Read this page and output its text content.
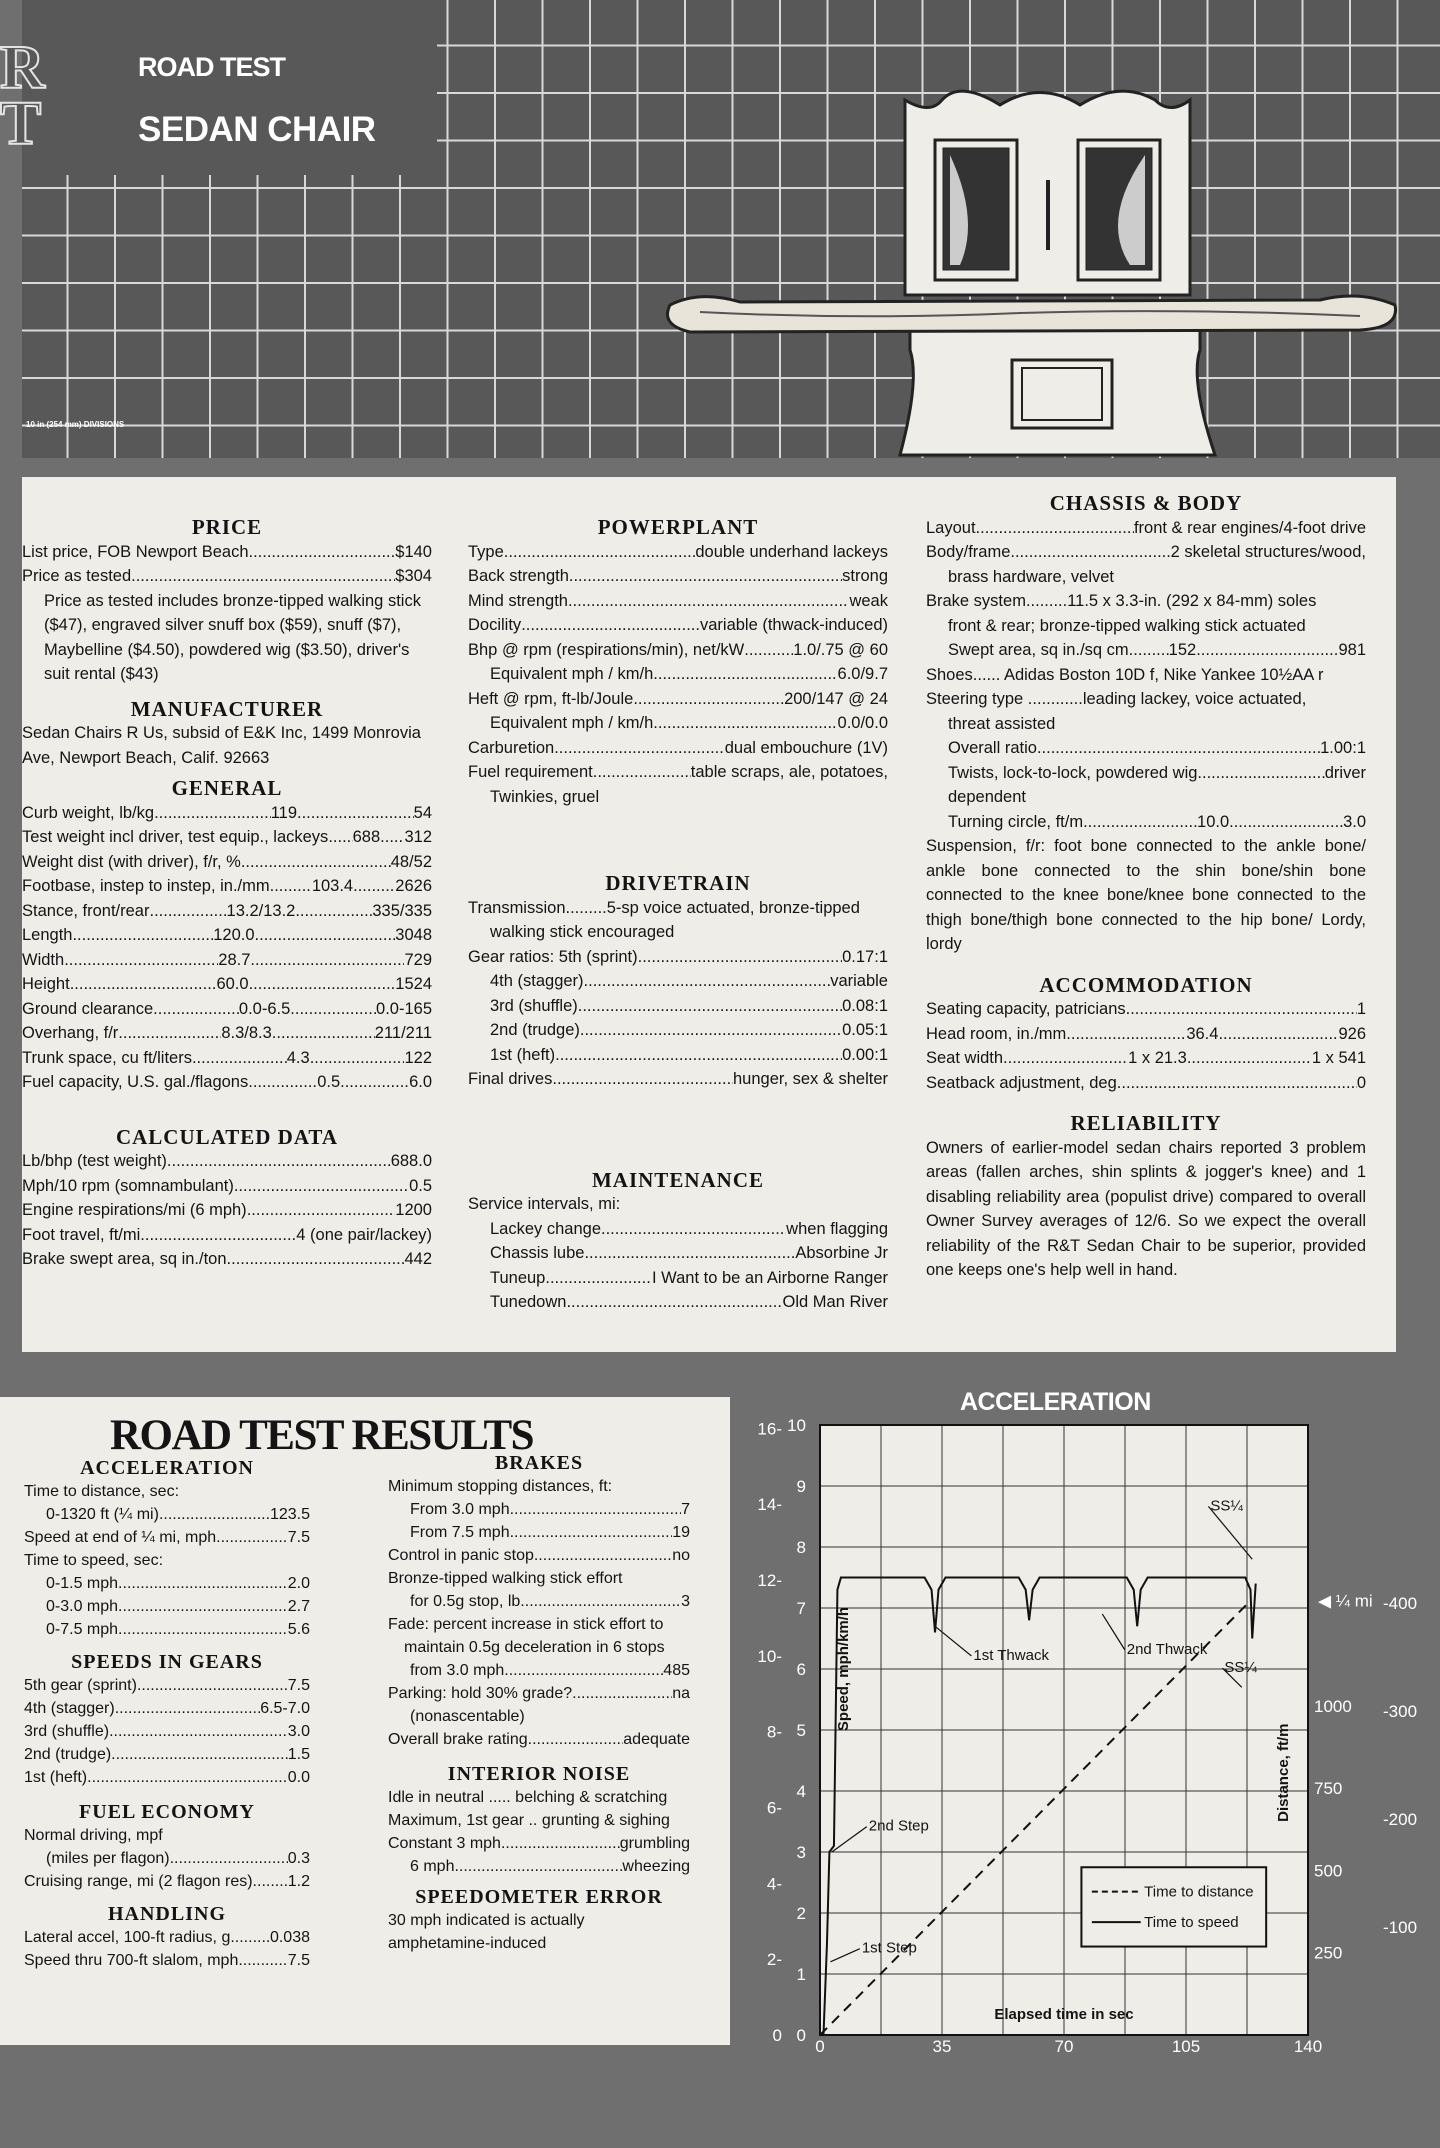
R
T
ROAD TEST
SEDAN CHAIR
10 in (254 mm) DIVISIONS

PRICE

List price, FOB Newport Beach .....	$140
Price as tested .....	$304
Price as tested includes bronze-tipped walking stick ($47), engraved silver snuff box ($59), snuff ($7), Maybelline ($4.50), powdered wig ($3.50), driver's suit rental ($43)

MANUFACTURER

Sedan Chairs R Us, subsid of E&K Inc, 1499 Monrovia Ave, Newport Beach, Calif. 92663

GENERAL

Curb weight, lb/kg .....	119 .....	54
Test weight incl driver, test equip., lackeys ..... 688 ..... 312
Weight dist (with driver), f/r, % .....	48/52
Footbase, instep to instep, in./mm .....	103.4 .....	2626
Stance, front/rear .....	13.2/13.2 .....	335/335
Length .....	120.0 .....	3048
Width .....	28.7 .....	729
Height .....	60.0 .....	1524
Ground clearance .....	0.0-6.5 .....	0.0-165
Overhang, f/r .....	8.3/8.3 .....	211/211
Trunk space, cu ft/liters .....	4.3 .....	122
Fuel capacity, U.S. gal./flagons .....	0.5 .....	6.0

CALCULATED DATA

Lb/bhp (test weight) .....	688.0
Mph/10 rpm (somnambulant) .....	0.5
Engine respirations/mi (6 mph) .....	1200
Foot travel, ft/mi .....	4 (one pair/lackey)
Brake swept area, sq in./ton .....	442

POWERPLANT

Type .....	double underhand lackeys
Back strength .....	strong
Mind strength .....	weak
Docility .....	variable (thwack-induced)
Bhp @ rpm (respirations/min), net/kW .....	1.0/.75 @ 60
Equivalent mph / km/h .....	6.0/9.7
Heft @ rpm, ft-lb/Joule .....	200/147 @ 24
Equivalent mph / km/h .....	0.0/0.0
Carburetion .....	dual embouchure (1V)
Fuel requirement .....	table scraps, ale, potatoes,
Twinkies, gruel

DRIVETRAIN

Transmission.........5-sp voice actuated, bronze-tipped
walking stick encouraged
Gear ratios: 5th (sprint) .....	0.17:1
4th (stagger) .....	variable
3rd (shuffle) .....	0.08:1
2nd (trudge) .....	0.05:1
1st (heft) .....	0.00:1
Final drives .....	hunger, sex & shelter

MAINTENANCE

Service intervals, mi:
Lackey change .....	when flagging
Chassis lube .....	Absorbine Jr
Tuneup .....	I Want to be an Airborne Ranger
Tunedown .....	Old Man River

CHASSIS & BODY

Layout .....	front & rear engines/4-foot drive
Body/frame .....	2 skeletal structures/wood,
brass hardware, velvet
Brake system.........11.5 x 3.3-in. (292 x 84-mm) soles
front & rear; bronze-tipped walking stick actuated
Swept area, sq in./sq cm ..... 152 .....	981
Shoes...... Adidas Boston 10D f, Nike Yankee 10½AA r
Steering type ............leading lackey, voice actuated,
threat assisted
Overall ratio .....	1.00:1
Twists, lock-to-lock, powdered wig .....	driver
dependent
Turning circle, ft/m .....	10.0 .....	3.0
Suspension, f/r: foot bone connected to the ankle bone/ ankle bone connected to the shin bone/shin bone connected to the knee bone/knee bone connected to the thigh bone/thigh bone connected to the hip bone/ Lordy, lordy

ACCOMMODATION

Seating capacity, patricians .....	1
Head room, in./mm .....	36.4 .....	926
Seat width .....	1 x 21.3 .....	1 x 541
Seatback adjustment, deg .....	0

RELIABILITY

Owners of earlier-model sedan chairs reported 3 problem areas (fallen arches, shin splints & jogger's knee) and 1 disabling reliability area (populist drive) compared to overall Owner Survey averages of 12/6. So we expect the overall reliability of the R&T Sedan Chair to be superior, provided one keeps one's help well in hand.
ROAD TEST RESULTS

ACCELERATION

Time to distance, sec:
0-1320 ft (¼ mi) .....	123.5
Speed at end of ¼ mi, mph .....	7.5
Time to speed, sec:
0-1.5 mph .....	2.0
0-3.0 mph .....	2.7
0-7.5 mph .....	5.6

SPEEDS IN GEARS

5th gear (sprint) .....	7.5
4th (stagger) .....	6.5-7.0
3rd (shuffle) .....	3.0
2nd (trudge) .....	1.5
1st (heft) .....	0.0

FUEL ECONOMY

Normal driving, mpf
(miles per flagon) .....	0.3
Cruising range, mi (2 flagon res) ..... 1.2

HANDLING

Lateral accel, 100-ft radius, g ..... 0.038
Speed thru 700-ft slalom, mph .....	7.5

BRAKES

Minimum stopping distances, ft:
From 3.0 mph .....	7
From 7.5 mph .....	19
Control in panic stop .....	no
Bronze-tipped walking stick effort
for 0.5g stop, lb .....	3
Fade: percent increase in stick effort to maintain 0.5g deceleration in 6 stops
from 3.0 mph .....	485
Parking: hold 30% grade? .....	na
(nonascentable)
Overall brake rating .....	adequate

INTERIOR NOISE

Idle in neutral ..... belching & scratching
Maximum, 1st gear .. grunting & sighing
Constant 3 mph .....	grumbling
6 mph .....	wheezing

SPEEDOMETER ERROR

30 mph indicated is actually
amphetamine-induced
ACCELERATION
0
1
2
3
4
5
6
7
8
9
10
0
2-
4-
6-
8-
10-
12-
14-
16-
0	35	70	105	140
250
500
750
1000
-100
-200
-300
-400
◀ ¼ mi
Elapsed time in sec
Speed, mph/km/h
Distance, ft/m
Time to distance
Time to speed
1st Step
2nd Step
1st Thwack	2nd Thwack
SS¼
SS¼
